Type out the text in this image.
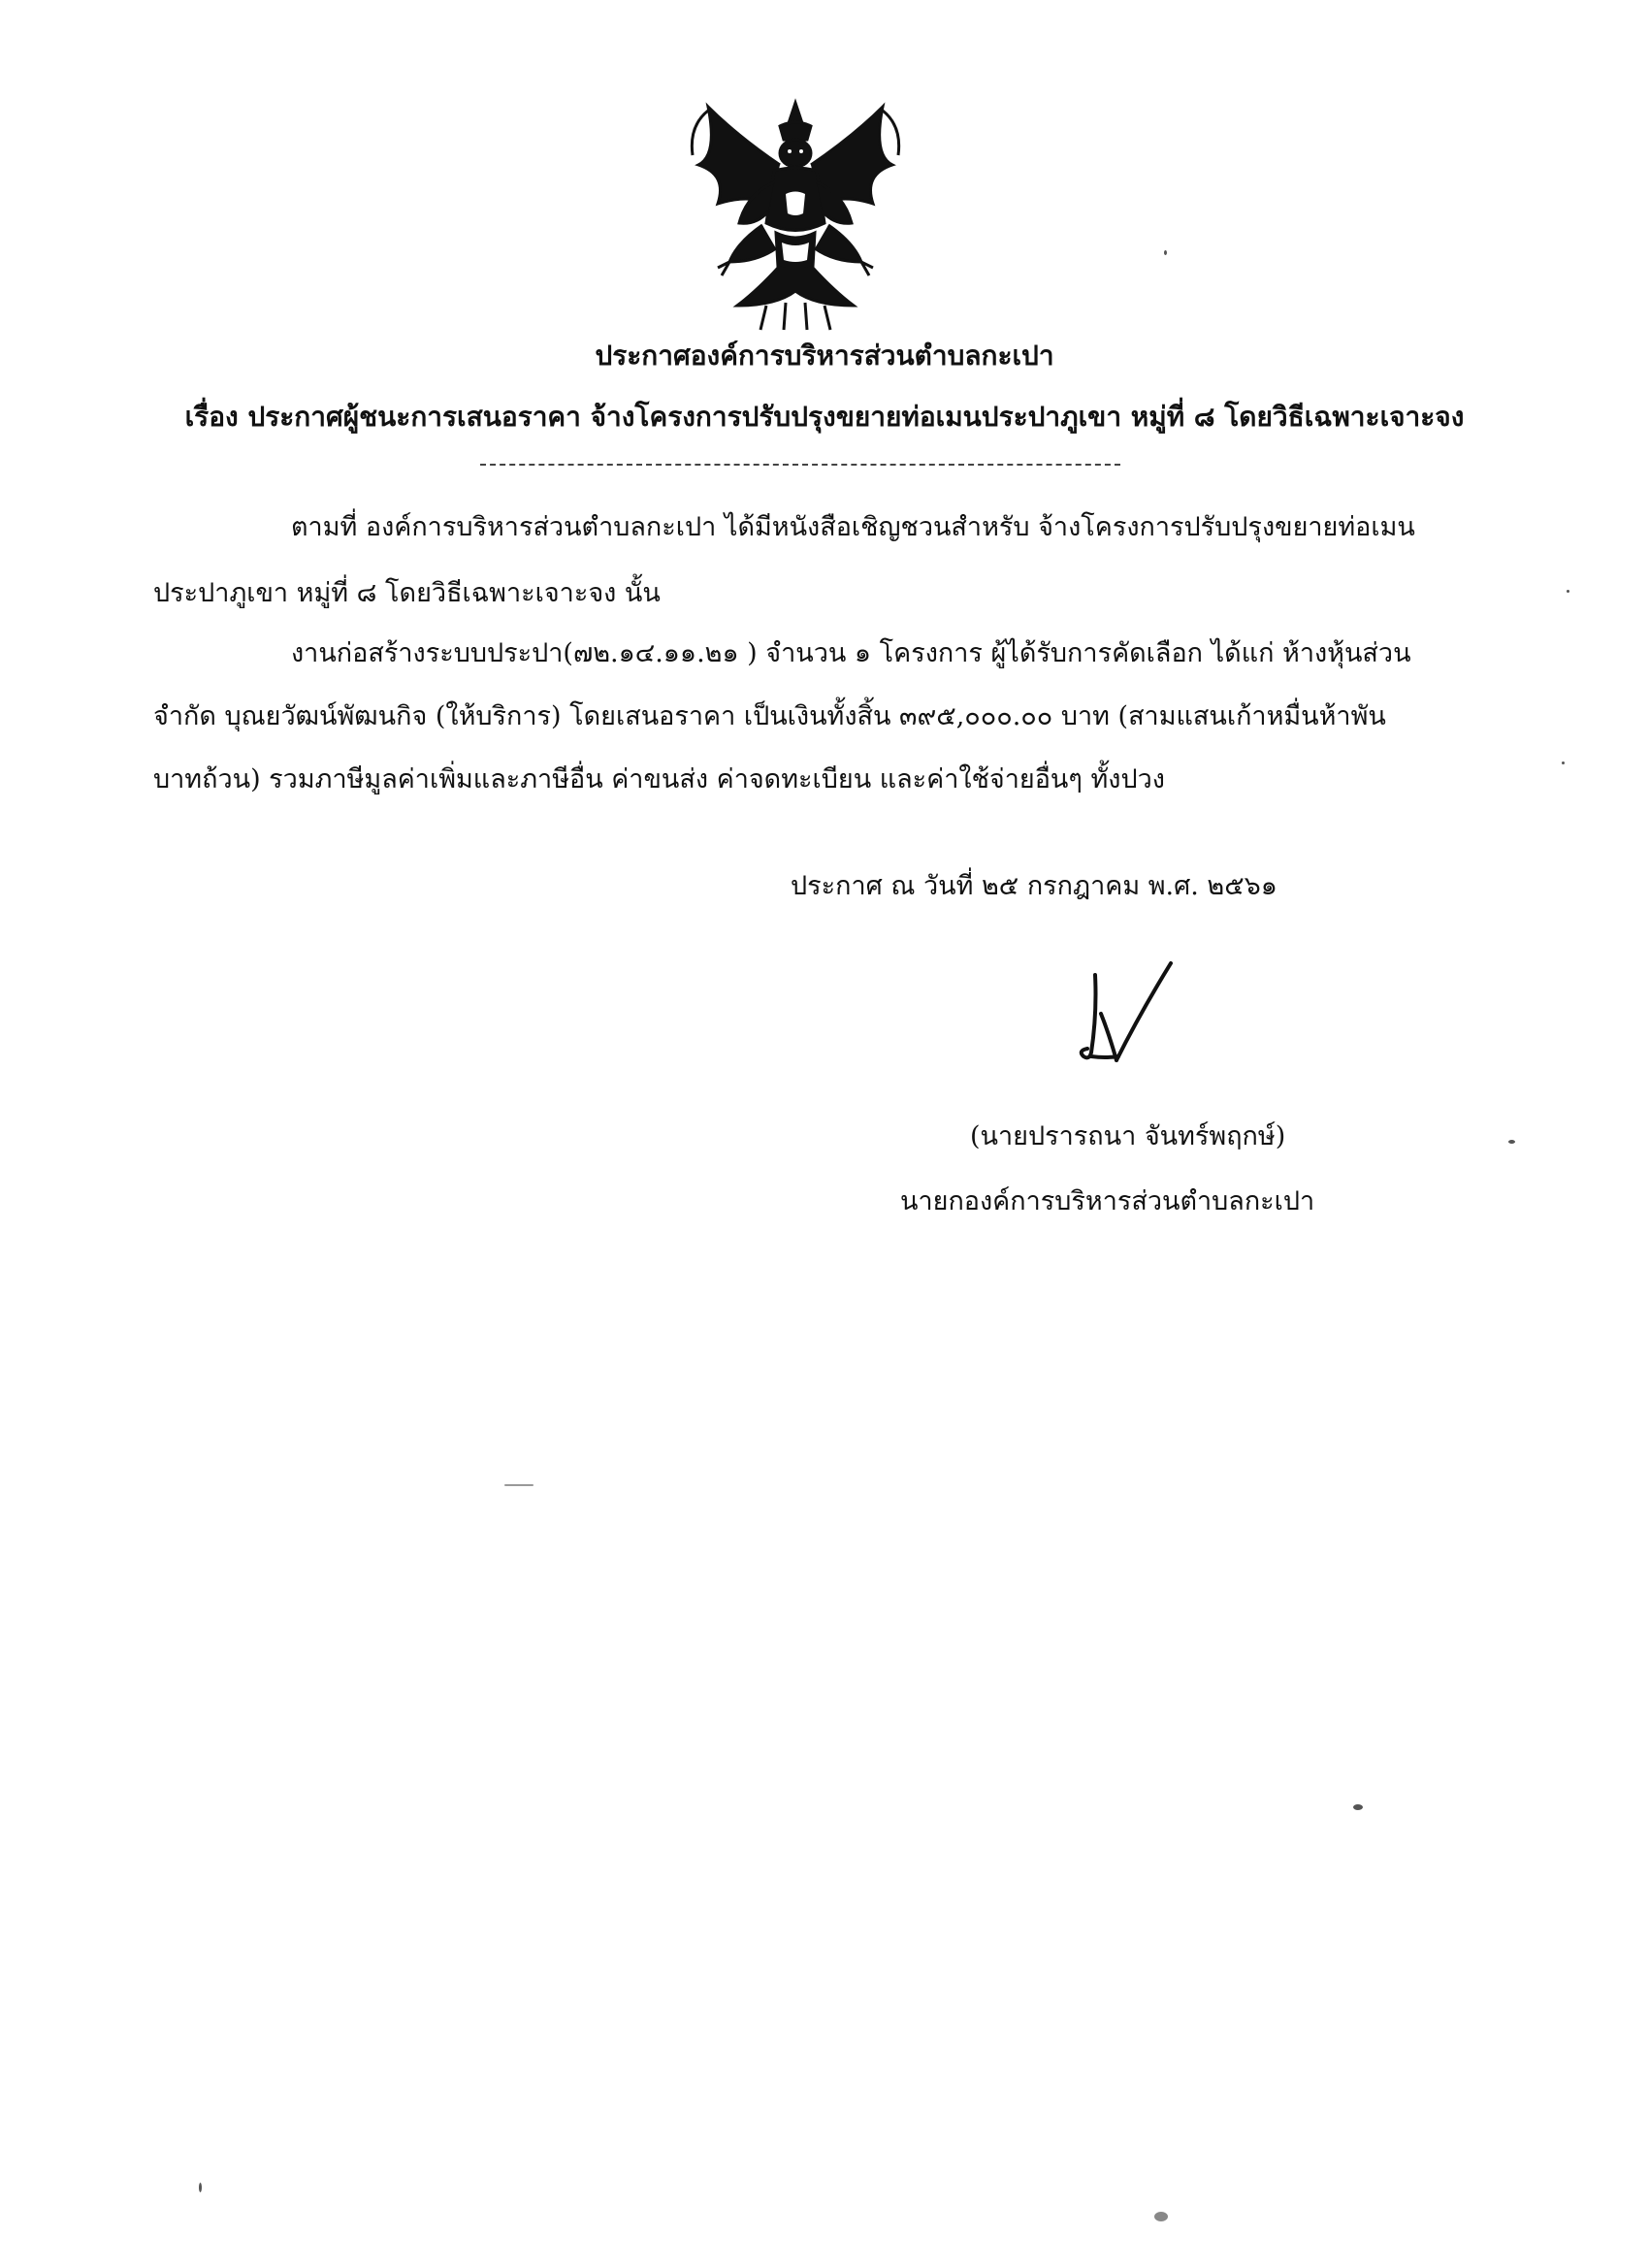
ประกาศองค์การบริหารส่วนตำบลกะเปา
เรื่อง ประกาศผู้ชนะการเสนอราคา จ้างโครงการปรับปรุงขยายท่อเมนประปาภูเขา หมู่ที่ ๘ โดยวิธีเฉพาะเจาะจง
ตามที่ องค์การบริหารส่วนตำบลกะเปา ได้มีหนังสือเชิญชวนสำหรับ จ้างโครงการปรับปรุงขยายท่อเมน
ประปาภูเขา หมู่ที่ ๘ โดยวิธีเฉพาะเจาะจง นั้น
งานก่อสร้างระบบประปา(๗๒.๑๔.๑๑.๒๑ ) จำนวน ๑ โครงการ ผู้ได้รับการคัดเลือก ได้แก่ ห้างหุ้นส่วน
จำกัด บุณยวัฒน์พัฒนกิจ (ให้บริการ) โดยเสนอราคา เป็นเงินทั้งสิ้น ๓๙๕,๐๐๐.๐๐ บาท (สามแสนเก้าหมื่นห้าพัน
บาทถ้วน) รวมภาษีมูลค่าเพิ่มและภาษีอื่น ค่าขนส่ง ค่าจดทะเบียน และค่าใช้จ่ายอื่นๆ ทั้งปวง
ประกาศ ณ วันที่ ๒๕ กรกฎาคม พ.ศ. ๒๕๖๑
(นายปรารถนา จันทร์พฤกษ์)
นายกองค์การบริหารส่วนตำบลกะเปา
